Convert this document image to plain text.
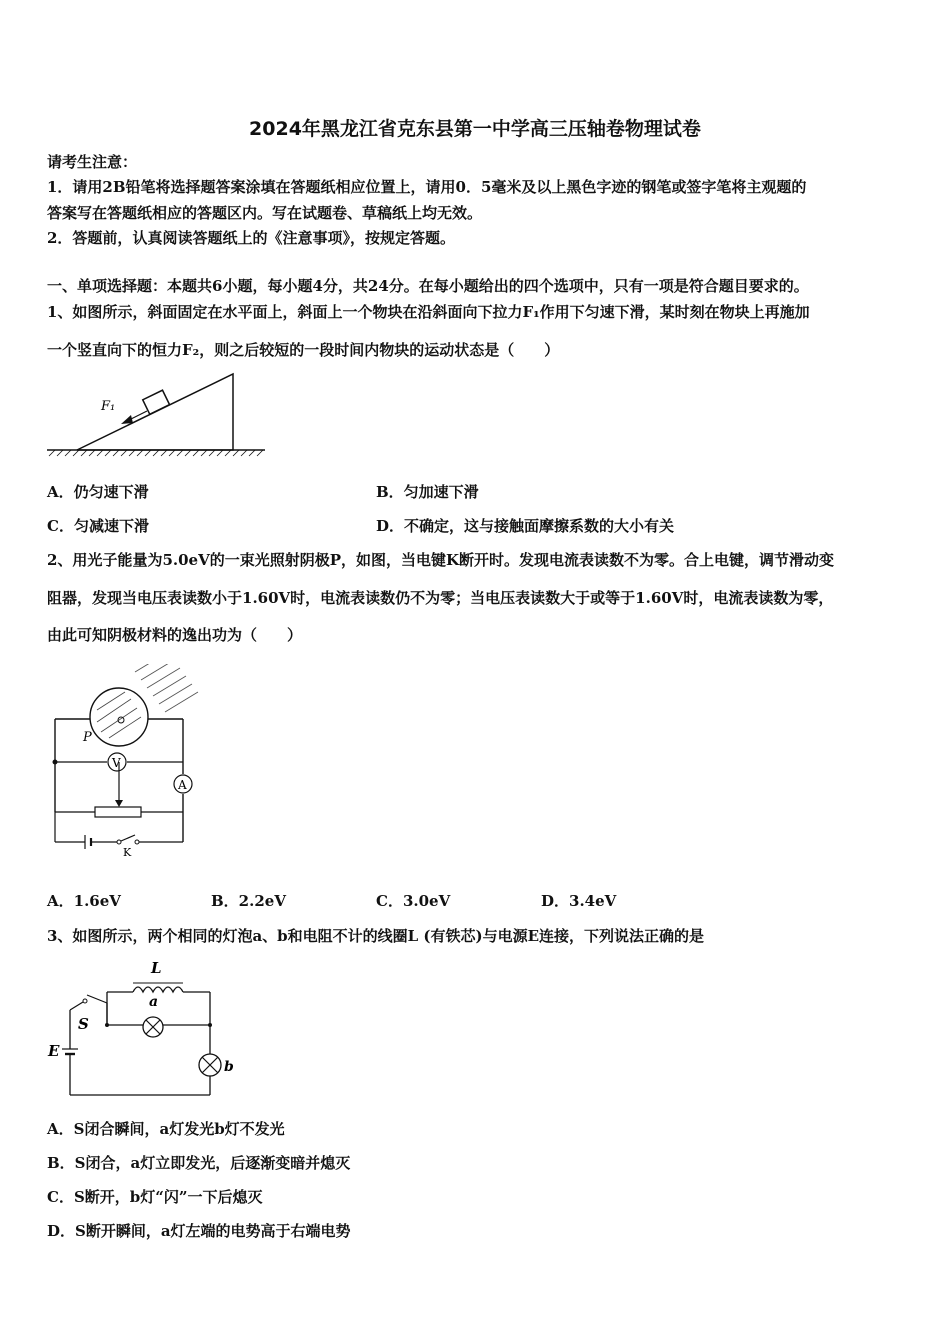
2024年黑龙江省克东县第一中学高三压轴卷物理试卷
请考生注意：
1．请用2B铅笔将选择题答案涂填在答题纸相应位置上，请用0．5毫米及以上黑色字迹的钢笔或签字笔将主观题的
答案写在答题纸相应的答题区内。写在试题卷、草稿纸上均无效。
2．答题前，认真阅读答题纸上的《注意事项》，按规定答题。
一、单项选择题：本题共6小题，每小题4分，共24分。在每小题给出的四个选项中，只有一项是符合题目要求的。
1、如图所示，斜面固定在水平面上，斜面上一个物块在沿斜面向下拉力F₁作用下匀速下滑，某时刻在物块上再施加
一个竖直向下的恒力F₂，则之后较短的一段时间内物块的运动状态是（　　）
F₁
A．仍匀速下滑	B．匀加速下滑
C．匀减速下滑	D．不确定，这与接触面摩擦系数的大小有关
2、用光子能量为5.0eV的一束光照射阴极P，如图，当电键K断开时。发现电流表读数不为零。合上电键，调节滑动变
阻器，发现当电压表读数小于1.60V时，电流表读数仍不为零；当电压表读数大于或等于1.60V时，电流表读数为零，
由此可知阴极材料的逸出功为（　　）
A
V
P
K
A．1.6eV	B．2.2eV	C．3.0eV	D．3.4eV
3、如图所示，两个相同的灯泡a、b和电阻不计的线圈L (有铁芯)与电源E连接，下列说法正确的是
L
a
S
E
b
A．S闭合瞬间，a灯发光b灯不发光
B．S闭合，a灯立即发光，后逐渐变暗并熄灭
C．S断开，b灯“闪”一下后熄灭
D．S断开瞬间，a灯左端的电势高于右端电势
